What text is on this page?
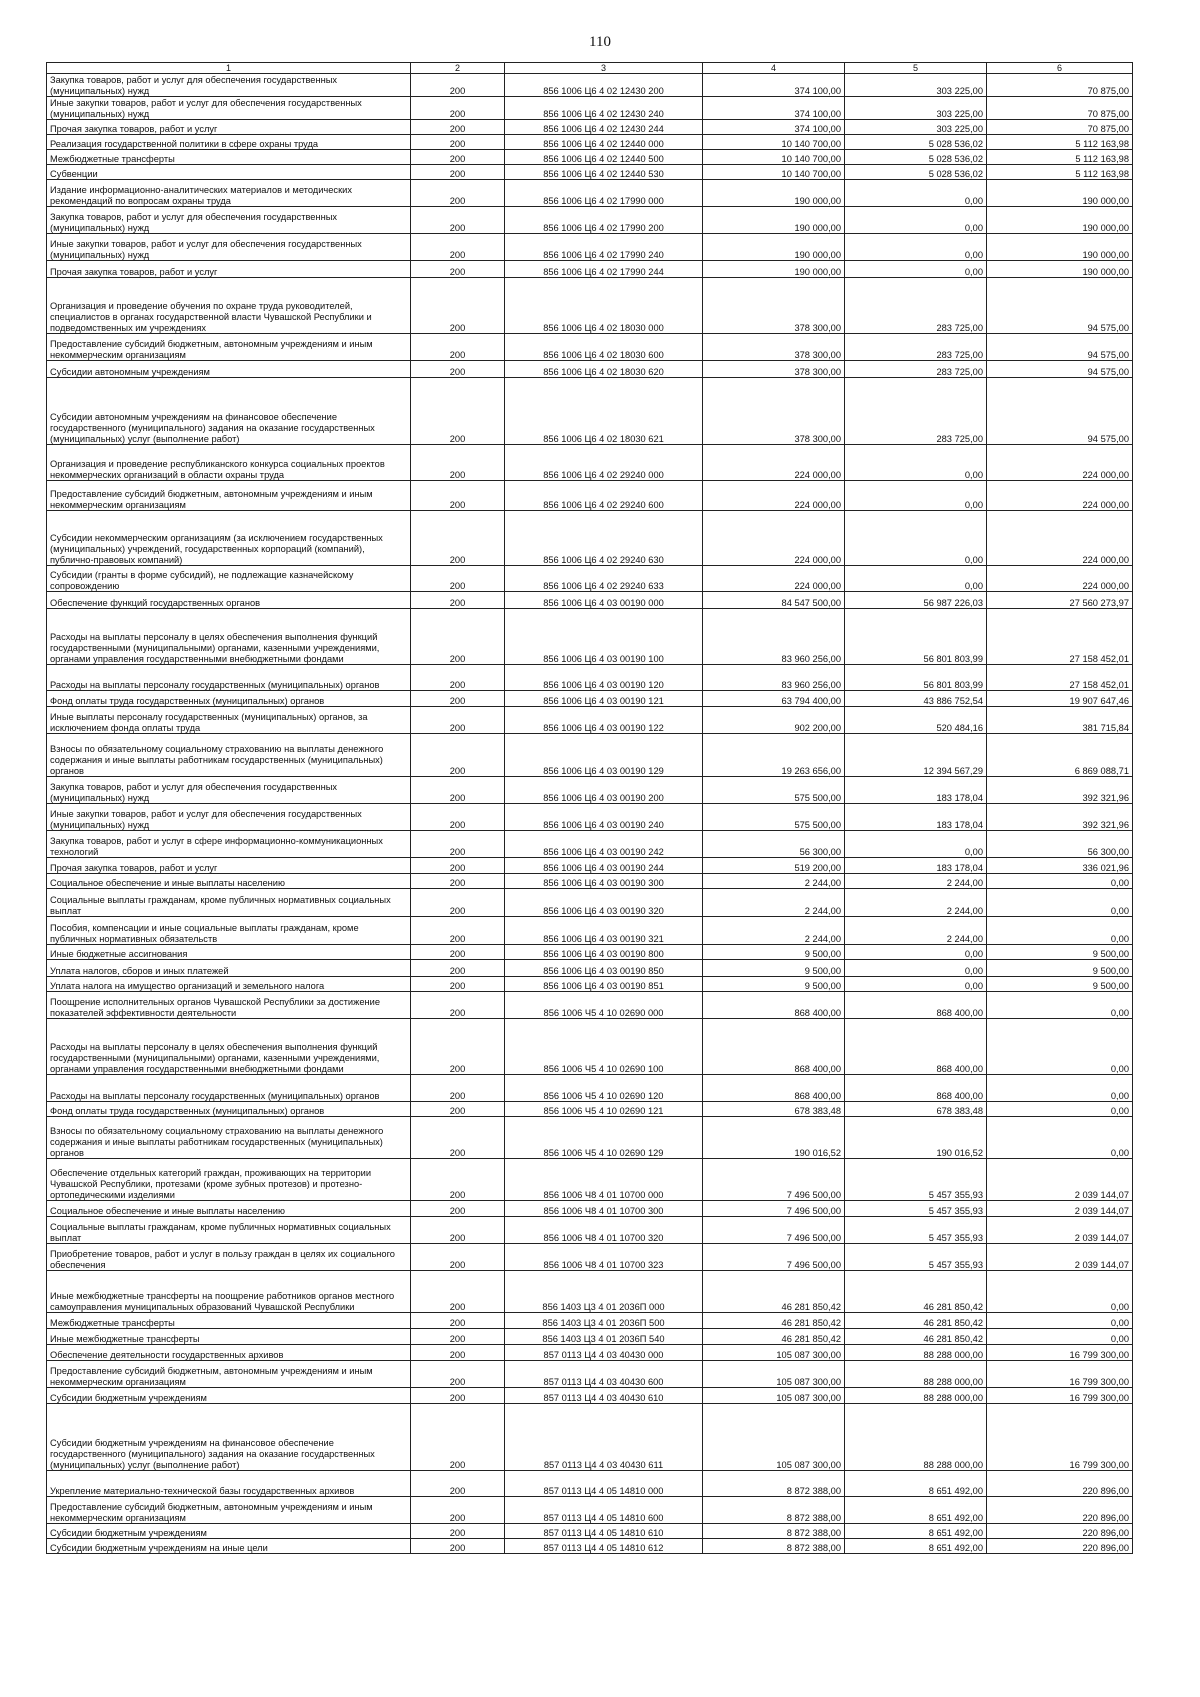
110
1	2	3	4	5	6
Закупка товаров, работ и услуг для обеспечения государственных (муниципальных) нужд	200	856 1006 Ц6 4 02 12430 200	374 100,00	303 225,00	70 875,00
Иные закупки товаров, работ и услуг для обеспечения государственных (муниципальных) нужд	200	856 1006 Ц6 4 02 12430 240	374 100,00	303 225,00	70 875,00
Прочая закупка товаров, работ и услуг	200	856 1006 Ц6 4 02 12430 244	374 100,00	303 225,00	70 875,00
Реализация государственной политики в сфере охраны труда	200	856 1006 Ц6 4 02 12440 000	10 140 700,00	5 028 536,02	5 112 163,98
Межбюджетные трансферты	200	856 1006 Ц6 4 02 12440 500	10 140 700,00	5 028 536,02	5 112 163,98
Субвенции	200	856 1006 Ц6 4 02 12440 530	10 140 700,00	5 028 536,02	5 112 163,98
Издание информационно-аналитических материалов и методических рекомендаций по вопросам охраны труда	200	856 1006 Ц6 4 02 17990 000	190 000,00	0,00	190 000,00
Закупка товаров, работ и услуг для обеспечения государственных (муниципальных) нужд	200	856 1006 Ц6 4 02 17990 200	190 000,00	0,00	190 000,00
Иные закупки товаров, работ и услуг для обеспечения государственных (муниципальных) нужд	200	856 1006 Ц6 4 02 17990 240	190 000,00	0,00	190 000,00
Прочая закупка товаров, работ и услуг	200	856 1006 Ц6 4 02 17990 244	190 000,00	0,00	190 000,00
Организация и проведение обучения по охране труда руководителей, специалистов в органах государственной власти Чувашской Республики и подведомственных им учреждениях	200	856 1006 Ц6 4 02 18030 000	378 300,00	283 725,00	94 575,00
Предоставление субсидий бюджетным, автономным учреждениям и иным некоммерческим организациям	200	856 1006 Ц6 4 02 18030 600	378 300,00	283 725,00	94 575,00
Субсидии автономным учреждениям	200	856 1006 Ц6 4 02 18030 620	378 300,00	283 725,00	94 575,00
Субсидии автономным учреждениям на финансовое обеспечение государственного (муниципального) задания на оказание государственных (муниципальных) услуг (выполнение работ)	200	856 1006 Ц6 4 02 18030 621	378 300,00	283 725,00	94 575,00
Организация и проведение республиканского конкурса социальных проектов некоммерческих организаций в области охраны труда	200	856 1006 Ц6 4 02 29240 000	224 000,00	0,00	224 000,00
Предоставление субсидий бюджетным, автономным учреждениям и иным некоммерческим организациям	200	856 1006 Ц6 4 02 29240 600	224 000,00	0,00	224 000,00
Субсидии некоммерческим организациям (за исключением государственных (муниципальных) учреждений, государственных корпораций (компаний), публично-правовых компаний)	200	856 1006 Ц6 4 02 29240 630	224 000,00	0,00	224 000,00
Субсидии (гранты в форме субсидий), не подлежащие казначейскому сопровождению	200	856 1006 Ц6 4 02 29240 633	224 000,00	0,00	224 000,00
Обеспечение функций государственных органов	200	856 1006 Ц6 4 03 00190 000	84 547 500,00	56 987 226,03	27 560 273,97
Расходы на выплаты персоналу в целях обеспечения выполнения функций государственными (муниципальными) органами, казенными учреждениями, органами управления государственными внебюджетными фондами	200	856 1006 Ц6 4 03 00190 100	83 960 256,00	56 801 803,99	27 158 452,01
Расходы на выплаты персоналу государственных (муниципальных) органов	200	856 1006 Ц6 4 03 00190 120	83 960 256,00	56 801 803,99	27 158 452,01
Фонд оплаты труда государственных (муниципальных) органов	200	856 1006 Ц6 4 03 00190 121	63 794 400,00	43 886 752,54	19 907 647,46
Иные выплаты персоналу государственных (муниципальных) органов, за исключением фонда оплаты труда	200	856 1006 Ц6 4 03 00190 122	902 200,00	520 484,16	381 715,84
Взносы по обязательному социальному страхованию на выплаты денежного содержания и иные выплаты работникам государственных (муниципальных) органов	200	856 1006 Ц6 4 03 00190 129	19 263 656,00	12 394 567,29	6 869 088,71
Закупка товаров, работ и услуг для обеспечения государственных (муниципальных) нужд	200	856 1006 Ц6 4 03 00190 200	575 500,00	183 178,04	392 321,96
Иные закупки товаров, работ и услуг для обеспечения государственных (муниципальных) нужд	200	856 1006 Ц6 4 03 00190 240	575 500,00	183 178,04	392 321,96
Закупка товаров, работ и услуг в сфере информационно-коммуникационных технологий	200	856 1006 Ц6 4 03 00190 242	56 300,00	0,00	56 300,00
Прочая закупка товаров, работ и услуг	200	856 1006 Ц6 4 03 00190 244	519 200,00	183 178,04	336 021,96
Социальное обеспечение и иные выплаты населению	200	856 1006 Ц6 4 03 00190 300	2 244,00	2 244,00	0,00
Социальные выплаты гражданам, кроме публичных нормативных социальных выплат	200	856 1006 Ц6 4 03 00190 320	2 244,00	2 244,00	0,00
Пособия, компенсации и иные социальные выплаты гражданам, кроме публичных нормативных обязательств	200	856 1006 Ц6 4 03 00190 321	2 244,00	2 244,00	0,00
Иные бюджетные ассигнования	200	856 1006 Ц6 4 03 00190 800	9 500,00	0,00	9 500,00
Уплата налогов, сборов и иных платежей	200	856 1006 Ц6 4 03 00190 850	9 500,00	0,00	9 500,00
Уплата налога на имущество организаций и земельного налога	200	856 1006 Ц6 4 03 00190 851	9 500,00	0,00	9 500,00
Поощрение исполнительных органов Чувашской Республики за достижение показателей эффективности деятельности	200	856 1006 Ч5 4 10 02690 000	868 400,00	868 400,00	0,00
Расходы на выплаты персоналу в целях обеспечения выполнения функций государственными (муниципальными) органами, казенными учреждениями, органами управления государственными внебюджетными фондами	200	856 1006 Ч5 4 10 02690 100	868 400,00	868 400,00	0,00
Расходы на выплаты персоналу государственных (муниципальных) органов	200	856 1006 Ч5 4 10 02690 120	868 400,00	868 400,00	0,00
Фонд оплаты труда государственных (муниципальных) органов	200	856 1006 Ч5 4 10 02690 121	678 383,48	678 383,48	0,00
Взносы по обязательному социальному страхованию на выплаты денежного содержания и иные выплаты работникам государственных (муниципальных) органов	200	856 1006 Ч5 4 10 02690 129	190 016,52	190 016,52	0,00
Обеспечение отдельных категорий граждан, проживающих на территории Чувашской Республики, протезами (кроме зубных протезов) и протезно-ортопедическими изделиями	200	856 1006 Ч8 4 01 10700 000	7 496 500,00	5 457 355,93	2 039 144,07
Социальное обеспечение и иные выплаты населению	200	856 1006 Ч8 4 01 10700 300	7 496 500,00	5 457 355,93	2 039 144,07
Социальные выплаты гражданам, кроме публичных нормативных социальных выплат	200	856 1006 Ч8 4 01 10700 320	7 496 500,00	5 457 355,93	2 039 144,07
Приобретение товаров, работ и услуг в пользу граждан в целях их социального обеспечения	200	856 1006 Ч8 4 01 10700 323	7 496 500,00	5 457 355,93	2 039 144,07
Иные межбюджетные трансферты на поощрение работников органов местного самоуправления муниципальных образований Чувашской Республики	200	856 1403 Ц3 4 01 2036П 000	46 281 850,42	46 281 850,42	0,00
Межбюджетные трансферты	200	856 1403 Ц3 4 01 2036П 500	46 281 850,42	46 281 850,42	0,00
Иные межбюджетные трансферты	200	856 1403 Ц3 4 01 2036П 540	46 281 850,42	46 281 850,42	0,00
Обеспечение деятельности государственных архивов	200	857 0113 Ц4 4 03 40430 000	105 087 300,00	88 288 000,00	16 799 300,00
Предоставление субсидий бюджетным, автономным учреждениям и иным некоммерческим организациям	200	857 0113 Ц4 4 03 40430 600	105 087 300,00	88 288 000,00	16 799 300,00
Субсидии бюджетным учреждениям	200	857 0113 Ц4 4 03 40430 610	105 087 300,00	88 288 000,00	16 799 300,00
Субсидии бюджетным учреждениям на финансовое обеспечение государственного (муниципального) задания на оказание государственных (муниципальных) услуг (выполнение работ)	200	857 0113 Ц4 4 03 40430 611	105 087 300,00	88 288 000,00	16 799 300,00
Укрепление материально-технической базы государственных архивов	200	857 0113 Ц4 4 05 14810 000	8 872 388,00	8 651 492,00	220 896,00
Предоставление субсидий бюджетным, автономным учреждениям и иным некоммерческим организациям	200	857 0113 Ц4 4 05 14810 600	8 872 388,00	8 651 492,00	220 896,00
Субсидии бюджетным учреждениям	200	857 0113 Ц4 4 05 14810 610	8 872 388,00	8 651 492,00	220 896,00
Субсидии бюджетным учреждениям на иные цели	200	857 0113 Ц4 4 05 14810 612	8 872 388,00	8 651 492,00	220 896,00
